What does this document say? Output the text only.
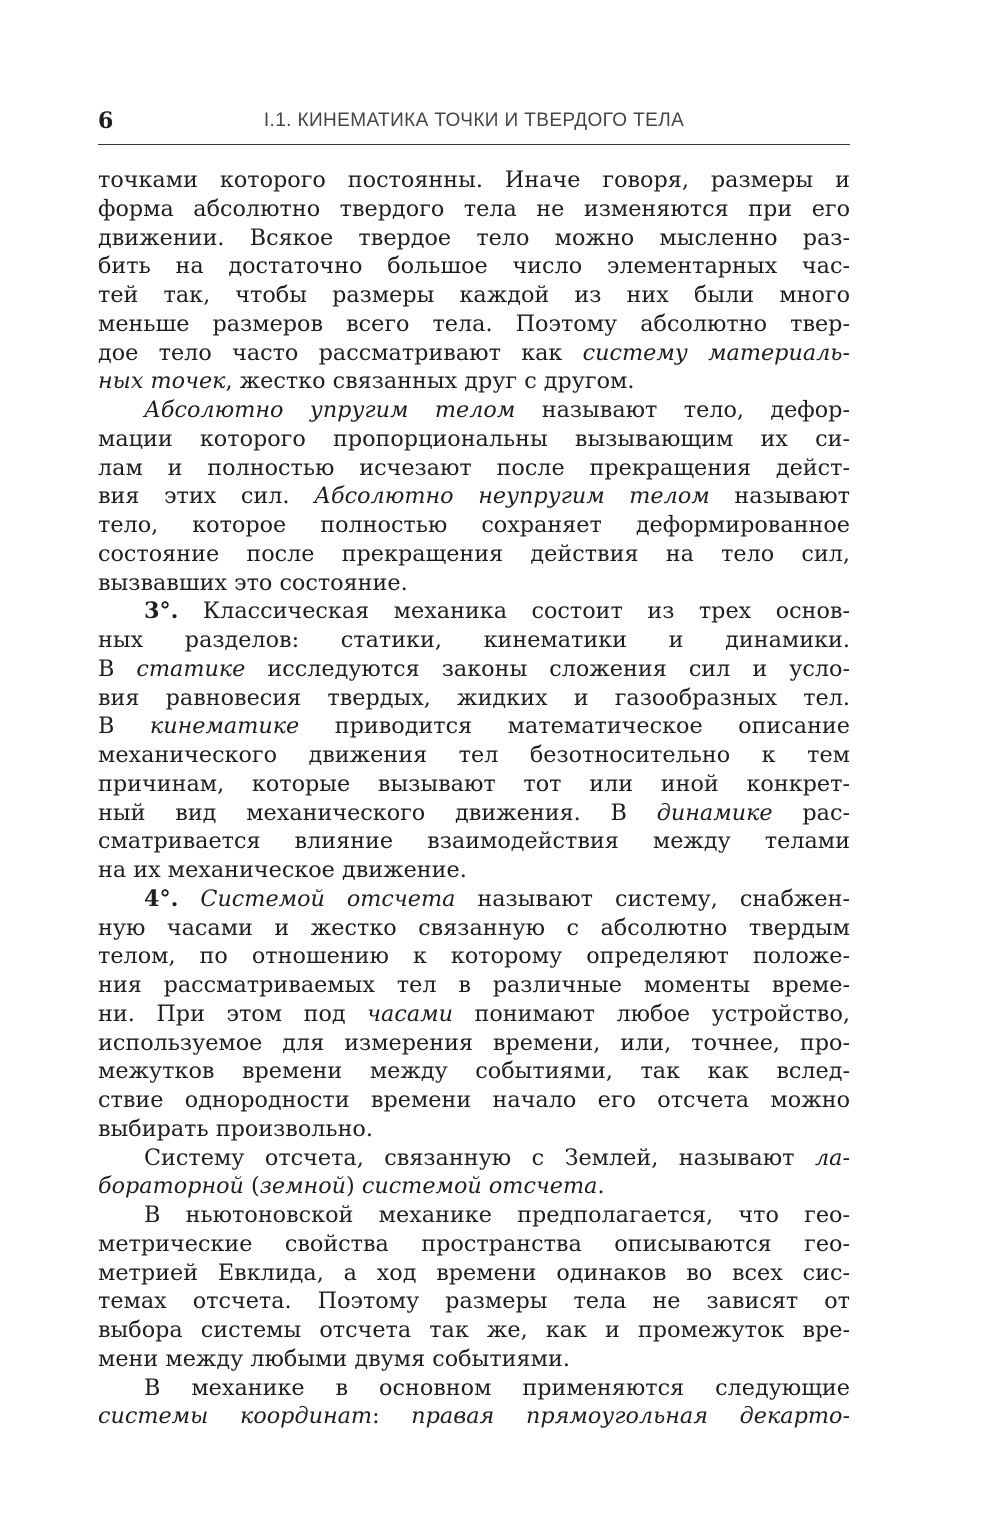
6	I.1. КИНЕМАТИКА ТОЧКИ И ТВЕРДОГО ТЕЛА
точками которого постоянны. Иначе говоря, размеры и
форма абсолютно твердого тела не изменяются при его
движении. Всякое твердое тело можно мысленно раз-
бить на достаточно большое число элементарных час-
тей так, чтобы размеры каждой из них были много
меньше размеров всего тела. Поэтому абсолютно твер-
дое тело часто рассматривают как систему материаль-
ных точек, жестко связанных друг с другом.
Абсолютно упругим телом называют тело, дефор-
мации которого пропорциональны вызывающим их си-
лам и полностью исчезают после прекращения дейст-
вия этих сил. Абсолютно неупругим телом называют
тело, которое полностью сохраняет деформированное
состояние после прекращения действия на тело сил,
вызвавших это состояние.
3°. Классическая механика состоит из трех основ-
ных разделов: статики, кинематики и динамики.
В статике исследуются законы сложения сил и усло-
вия равновесия твердых, жидких и газообразных тел.
В кинематике приводится математическое описание
механического движения тел безотносительно к тем
причинам, которые вызывают тот или иной конкрет-
ный вид механического движения. В динамике рас-
сматривается влияние взаимодействия между телами
на их механическое движение.
4°. Системой отсчета называют систему, снабжен-
ную часами и жестко связанную с абсолютно твердым
телом, по отношению к которому определяют положе-
ния рассматриваемых тел в различные моменты време-
ни. При этом под часами понимают любое устройство,
используемое для измерения времени, или, точнее, про-
межутков времени между событиями, так как вслед-
ствие однородности времени начало его отсчета можно
выбирать произвольно.
Систему отсчета, связанную с Землей, называют ла-
бораторной (земной) системой отсчета.
В ньютоновской механике предполагается, что гео-
метрические свойства пространства описываются гео-
метрией Евклида, а ход времени одинаков во всех сис-
темах отсчета. Поэтому размеры тела не зависят от
выбора системы отсчета так же, как и промежуток вре-
мени между любыми двумя событиями.
В механике в основном применяются следующие
системы координат: правая прямоугольная декарто-
